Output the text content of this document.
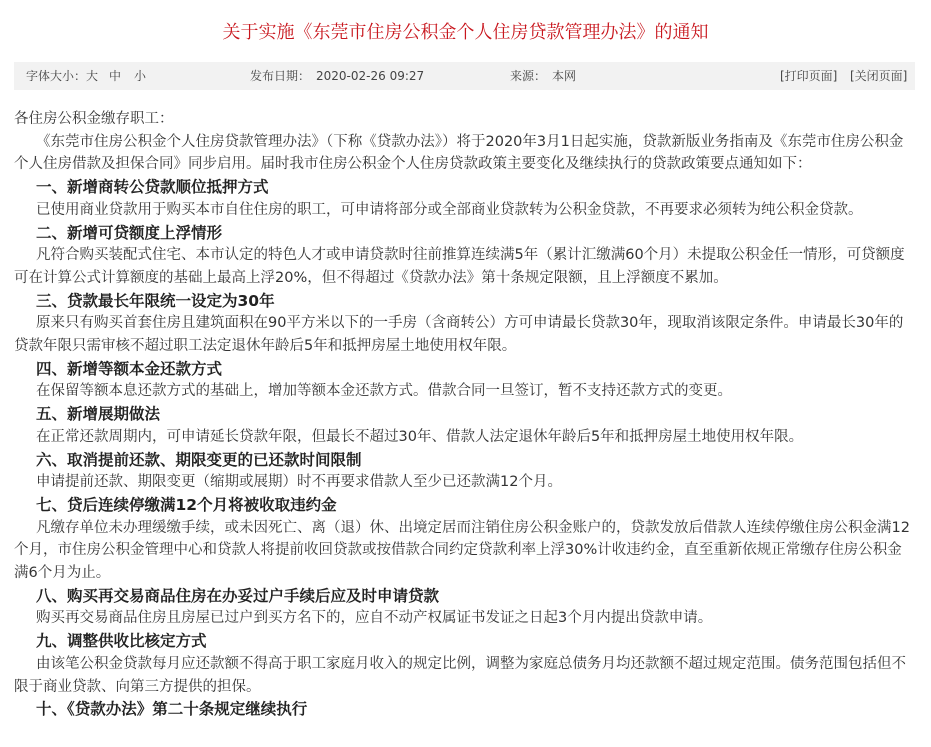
关于实施《东莞市住房公积金个人住房贷款管理办法》的通知
字体大小： 大 中 小	发布日期： 2020-02-26 09:27	来源： 本网	[打印页面] [关闭页面]

各住房公积金缴存职工：

《东莞市住房公积金个人住房贷款管理办法》（下称《贷款办法》）将于2020年3月1日起实施，贷款新版业务指南及《东莞市住房公积金个人住房借款及担保合同》同步启用。届时我市住房公积金个人住房贷款政策主要变化及继续执行的贷款政策要点通知如下：

一、新增商转公贷款顺位抵押方式

已使用商业贷款用于购买本市自住住房的职工，可申请将部分或全部商业贷款转为公积金贷款，不再要求必须转为纯公积金贷款。

二、新增可贷额度上浮情形

凡符合购买装配式住宅、本市认定的特色人才或申请贷款时往前推算连续满5年（累计汇缴满60个月）未提取公积金任一情形，可贷额度可在计算公式计算额度的基础上最高上浮20%，但不得超过《贷款办法》第十条规定限额，且上浮额度不累加。

三、贷款最长年限统一设定为30年

原来只有购买首套住房且建筑面积在90平方米以下的一手房（含商转公）方可申请最长贷款30年，现取消该限定条件。申请最长30年的贷款年限只需审核不超过职工法定退休年龄后5年和抵押房屋土地使用权年限。

四、新增等额本金还款方式

在保留等额本息还款方式的基础上，增加等额本金还款方式。借款合同一旦签订，暂不支持还款方式的变更。

五、新增展期做法

在正常还款周期内，可申请延长贷款年限，但最长不超过30年、借款人法定退休年龄后5年和抵押房屋土地使用权年限。

六、取消提前还款、期限变更的已还款时间限制

申请提前还款、期限变更（缩期或展期）时不再要求借款人至少已还款满12个月。

七、贷后连续停缴满12个月将被收取违约金

凡缴存单位未办理缓缴手续，或未因死亡、离（退）休、出境定居而注销住房公积金账户的，贷款发放后借款人连续停缴住房公积金满12个月，市住房公积金管理中心和贷款人将提前收回贷款或按借款合同约定贷款利率上浮30%计收违约金，直至重新依规正常缴存住房公积金满6个月为止。

八、购买再交易商品住房在办妥过户手续后应及时申请贷款

购买再交易商品住房且房屋已过户到买方名下的，应自不动产权属证书发证之日起3个月内提出贷款申请。

九、调整供收比核定方式

由该笔公积金贷款每月应还款额不得高于职工家庭月收入的规定比例，调整为家庭总债务月均还款额不超过规定范围。债务范围包括但不限于商业贷款、向第三方提供的担保。

十、《贷款办法》第二十条规定继续执行
